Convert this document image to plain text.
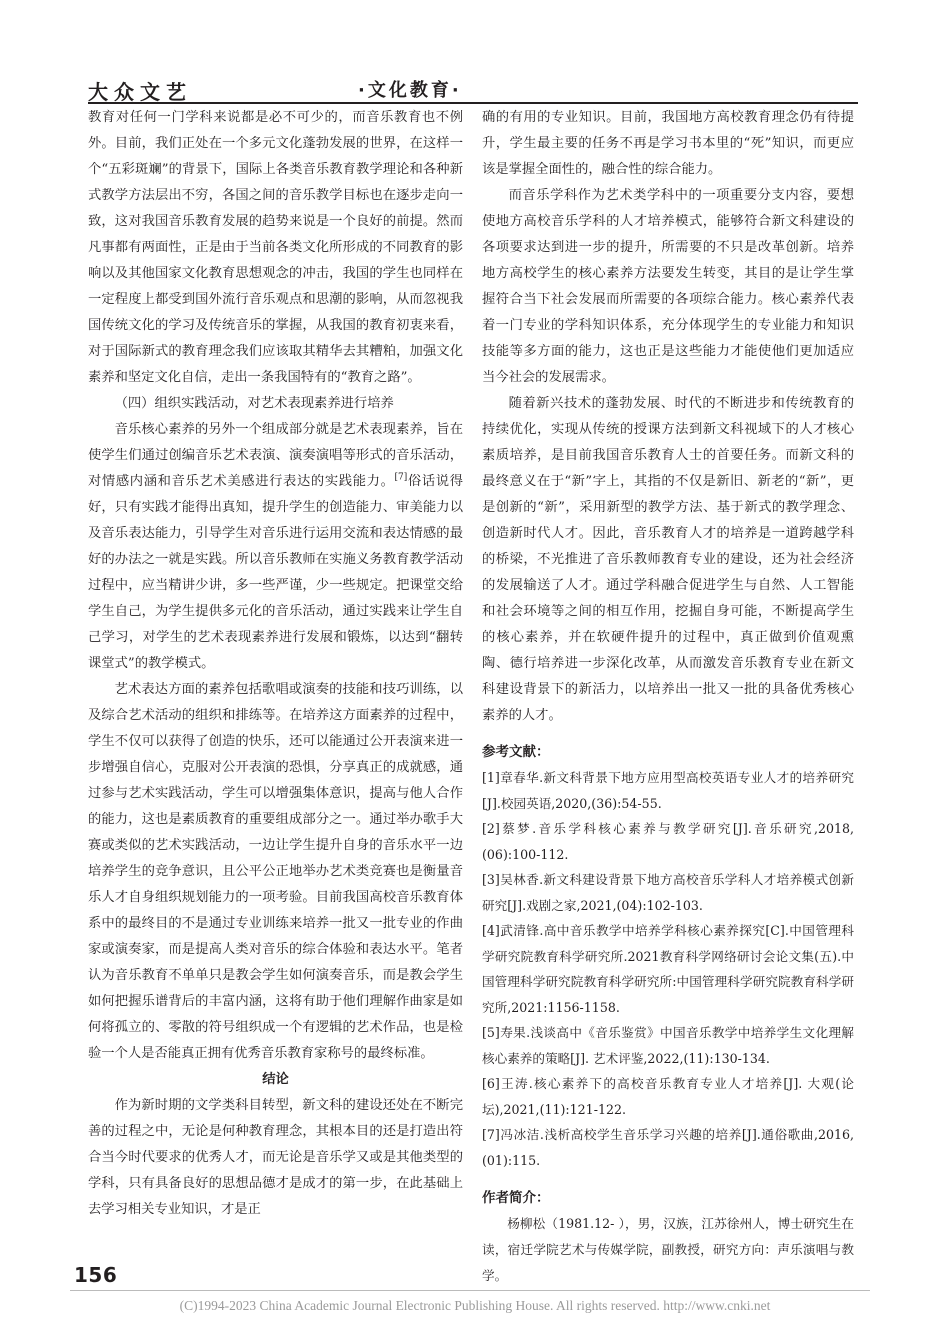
大众文艺	·文化教育·

教育对任何一门学科来说都是必不可少的，而音乐教育也不例外。目前，我们正处在一个多元文化蓬勃发展的世界，在这样一个“五彩斑斓”的背景下，国际上各类音乐教育教学理论和各种新式教学方法层出不穷，各国之间的音乐教学目标也在逐步走向一致，这对我国音乐教育发展的趋势来说是一个良好的前提。然而凡事都有两面性，正是由于当前各类文化所形成的不同教育的影响以及其他国家文化教育思想观念的冲击，我国的学生也同样在一定程度上都受到国外流行音乐观点和思潮的影响，从而忽视我国传统文化的学习及传统音乐的掌握，从我国的教育初衷来看，对于国际新式的教育理念我们应该取其精华去其糟粕，加强文化素养和坚定文化自信，走出一条我国特有的“教育之路”。

（四）组织实践活动，对艺术表现素养进行培养

音乐核心素养的另外一个组成部分就是艺术表现素养，旨在使学生们通过创编音乐艺术表演、演奏演唱等形式的音乐活动，对情感内涵和音乐艺术美感进行表达的实践能力。[7]俗话说得好，只有实践才能得出真知，提升学生的创造能力、审美能力以及音乐表达能力，引导学生对音乐进行运用交流和表达情感的最好的办法之一就是实践。所以音乐教师在实施义务教育教学活动过程中，应当精讲少讲，多一些严谨，少一些规定。把课堂交给学生自己，为学生提供多元化的音乐活动，通过实践来让学生自己学习，对学生的艺术表现素养进行发展和锻炼，以达到“翻转课堂式”的教学模式。

艺术表达方面的素养包括歌唱或演奏的技能和技巧训练，以及综合艺术活动的组织和排练等。在培养这方面素养的过程中，学生不仅可以获得了创造的快乐，还可以能通过公开表演来进一步增强自信心，克服对公开表演的恐惧，分享真正的成就感，通过参与艺术实践活动，学生可以增强集体意识，提高与他人合作的能力，这也是素质教育的重要组成部分之一。通过举办歌手大赛或类似的艺术实践活动，一边让学生提升自身的音乐水平一边培养学生的竞争意识，且公平公正地举办艺术类竞赛也是衡量音乐人才自身组织规划能力的一项考验。目前我国高校音乐教育体系中的最终目的不是通过专业训练来培养一批又一批专业的作曲家或演奏家，而是提高人类对音乐的综合体验和表达水平。笔者认为音乐教育不单单只是教会学生如何演奏音乐，而是教会学生如何把握乐谱背后的丰富内涵，这将有助于他们理解作曲家是如何将孤立的、零散的符号组织成一个有逻辑的艺术作品，也是检验一个人是否能真正拥有优秀音乐教育家称号的最终标准。

结论

作为新时期的文学类科目转型，新文科的建设还处在不断完善的过程之中，无论是何种教育理念，其根本目的还是打造出符合当今时代要求的优秀人才，而无论是音乐学又或是其他类型的学科，只有具备良好的思想品德才是成才的第一步，在此基础上去学习相关专业知识，才是正

确的有用的专业知识。目前，我国地方高校教育理念仍有待提升，学生最主要的任务不再是学习书本里的“死”知识，而更应该是掌握全面性的，融合性的综合能力。

而音乐学科作为艺术类学科中的一项重要分支内容，要想使地方高校音乐学科的人才培养模式，能够符合新文科建设的各项要求达到进一步的提升，所需要的不只是改革创新。培养地方高校学生的核心素养方法要发生转变，其目的是让学生掌握符合当下社会发展而所需要的各项综合能力。核心素养代表着一门专业的学科知识体系，充分体现学生的专业能力和知识技能等多方面的能力，这也正是这些能力才能使他们更加适应当今社会的发展需求。

随着新兴技术的蓬勃发展、时代的不断进步和传统教育的持续优化，实现从传统的授课方法到新文科视域下的人才核心素质培养，是目前我国音乐教育人士的首要任务。而新文科的最终意义在于“新”字上，其指的不仅是新旧、新老的“新”，更是创新的“新”，采用新型的教学方法、基于新式的教学理念、创造新时代人才。因此，音乐教育人才的培养是一道跨越学科的桥梁，不光推进了音乐教师教育专业的建设，还为社会经济的发展输送了人才。通过学科融合促进学生与自然、人工智能和社会环境等之间的相互作用，挖掘自身可能，不断提高学生的核心素养，并在软硬件提升的过程中，真正做到价值观熏陶、德行培养进一步深化改革，从而激发音乐教育专业在新文科建设背景下的新活力，以培养出一批又一批的具备优秀核心素养的人才。

参考文献：
[1]章春华.新文科背景下地方应用型高校英语专业人才的培养研究[J].校园英语,2020,(36):54-55.
[2]蔡梦.音乐学科核心素养与教学研究[J].音乐研究,2018,(06):100-112.
[3]吴林香.新文科建设背景下地方高校音乐学科人才培养模式创新研究[J].戏剧之家,2021,(04):102-103.
[4]武清锋.高中音乐教学中培养学科核心素养探究[C].中国管理科学研究院教育科学研究所.2021教育科学网络研讨会论文集(五).中国管理科学研究院教育科学研究所:中国管理科学研究院教育科学研究所,2021:1156-1158.
[5]寿果.浅谈高中《音乐鉴赏》中国音乐教学中培养学生文化理解核心素养的策略[J]. 艺术评鉴,2022,(11):130-134.
[6]王涛.核心素养下的高校音乐教育专业人才培养[J]. 大观(论坛),2021,(11):121-122.
[7]冯冰洁.浅析高校学生音乐学习兴趣的培养[J].通俗歌曲,2016,(01):115.
作者简介：
杨柳松（1981.12- ），男，汉族，江苏徐州人，博士研究生在读，宿迁学院艺术与传媒学院，副教授，研究方向：声乐演唱与教学。
156
(C)1994-2023 China Academic Journal Electronic Publishing House. All rights reserved. http://www.cnki.net
